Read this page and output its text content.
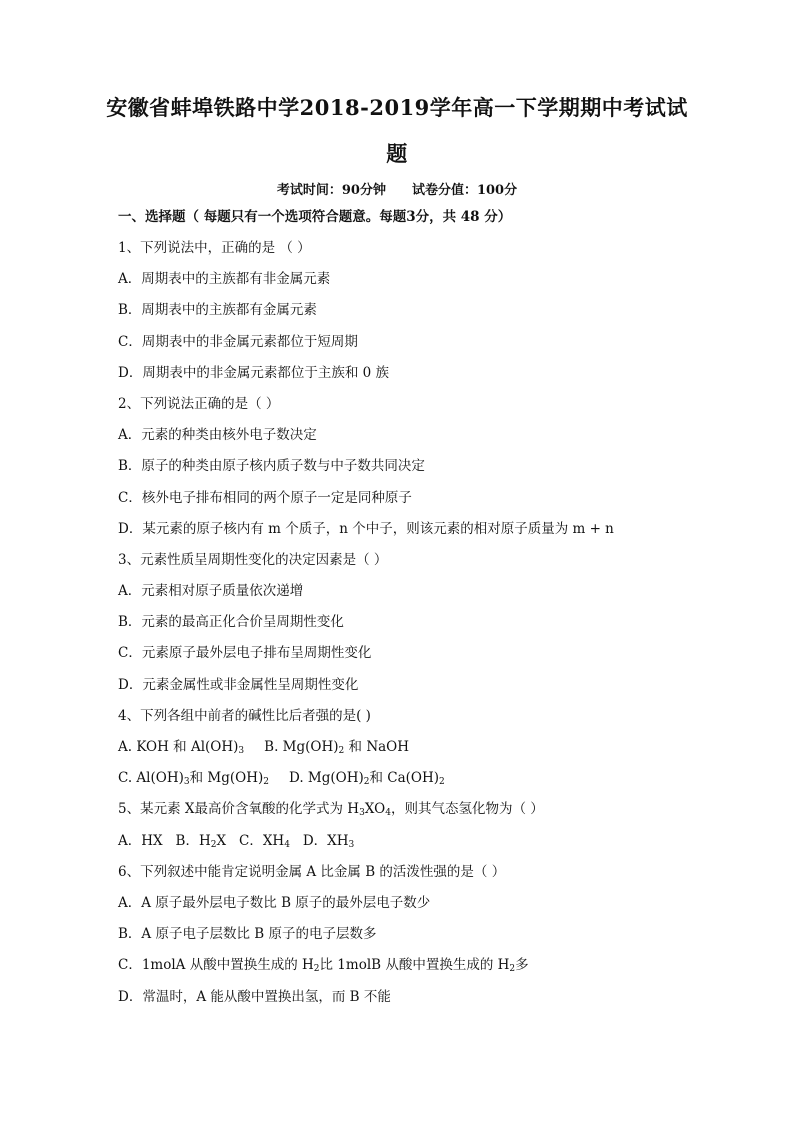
安徽省蚌埠铁路中学2018-2019学年高一下学期期中考试试
题
考试时间：90分钟 试卷分值：100分
一、选择题（ 每题只有一个选项符合题意。每题3分，共 48 分）
1、下列说法中，正确的是 （ ）
A．周期表中的主族都有非金属元素
B．周期表中的主族都有金属元素
C．周期表中的非金属元素都位于短周期
D．周期表中的非金属元素都位于主族和 0 族
2、下列说法正确的是（ ）
A．元素的种类由核外电子数决定
B．原子的种类由原子核内质子数与中子数共同决定
C．核外电子排布相同的两个原子一定是同种原子
D．某元素的原子核内有 m 个质子，n 个中子，则该元素的相对原子质量为 m + n
3、元素性质呈周期性变化的决定因素是（ ）
A．元素相对原子质量依次递增
B．元素的最高正化合价呈周期性变化
C．元素原子最外层电子排布呈周期性变化
D．元素金属性或非金属性呈周期性变化
4、下列各组中前者的碱性比后者强的是( )
A. KOH 和 $Al(OH)_3$ B. $Mg(OH)_2$ 和 NaOH
C. $Al(OH)_3$和 $Mg(OH)_2$ D. $Mg(OH)_2$和 $Ca(OH)_2$
5、某元素 X最高价含氧酸的化学式为 $H_3XO_4$，则其气态氢化物为（ ）
A．HX B．$H_2X$ C．$XH_4$ D．$XH_3$
6、下列叙述中能肯定说明金属 A 比金属 B 的活泼性强的是（ ）
A．A 原子最外层电子数比 B 原子的最外层电子数少
B．A 原子电子层数比 B 原子的电子层数多
C．1molA 从酸中置换生成的 $H_2$比 1molB 从酸中置换生成的 $H_2$多
D．常温时，A 能从酸中置换出氢，而 B 不能
